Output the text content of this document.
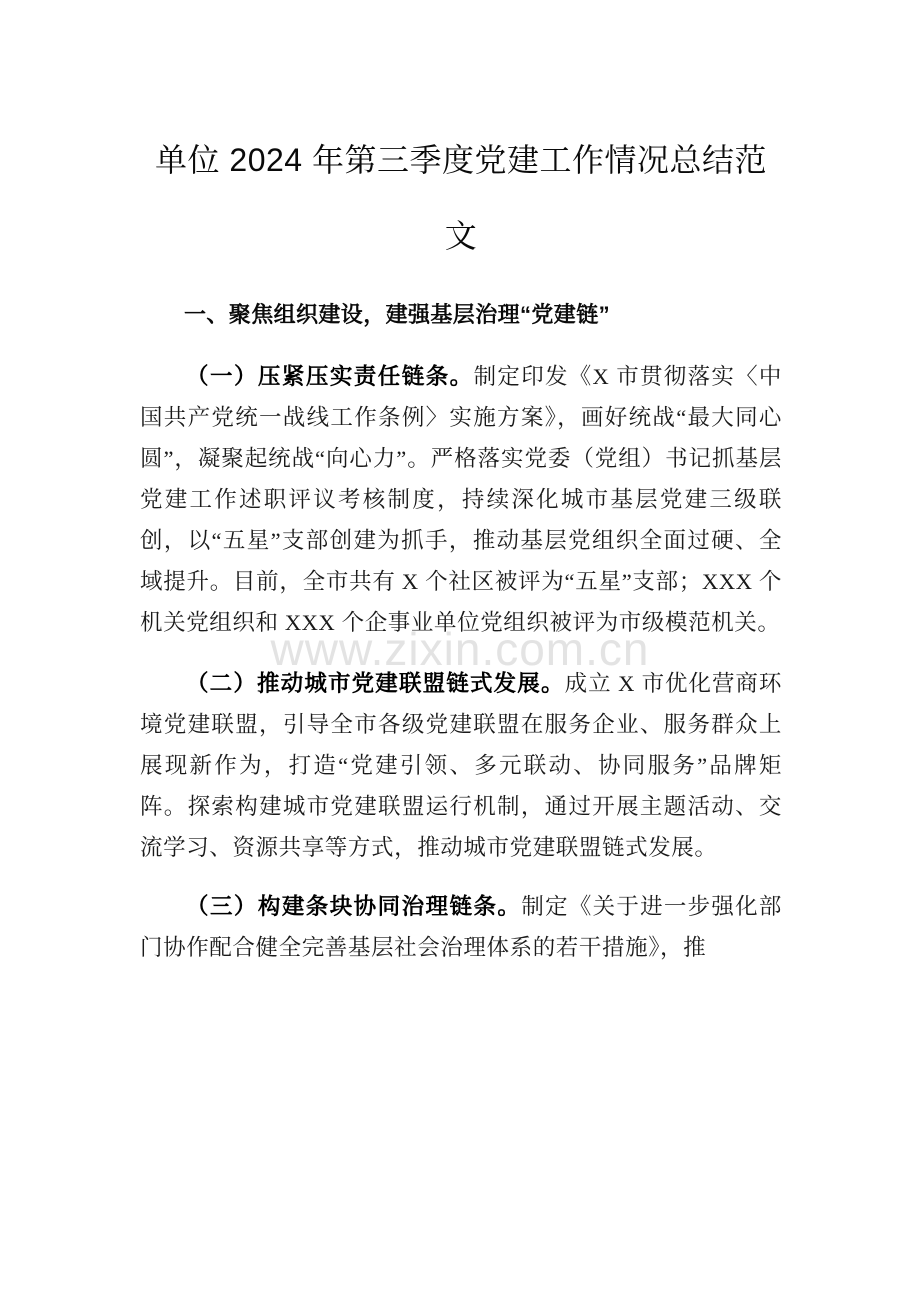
www.zixin.com.cn
单位 2024 年第三季度党建工作情况总结范文
一、聚焦组织建设，建强基层治理“党建链”

（一）压紧压实责任链条。制定印发《X 市贯彻落实〈中国共产党统一战线工作条例〉实施方案》，画好统战“最大同心圆”，凝聚起统战“向心力”。严格落实党委（党组）书记抓基层党建工作述职评议考核制度，持续深化城市基层党建三级联创，以“五星”支部创建为抓手，推动基层党组织全面过硬、全域提升。目前，全市共有 X 个社区被评为“五星”支部；XXX 个机关党组织和 XXX 个企事业单位党组织被评为市级模范机关。

（二）推动城市党建联盟链式发展。成立 X 市优化营商环境党建联盟，引导全市各级党建联盟在服务企业、服务群众上展现新作为，打造“党建引领、多元联动、协同服务”品牌矩阵。探索构建城市党建联盟运行机制，通过开展主题活动、交流学习、资源共享等方式，推动城市党建联盟链式发展。

（三）构建条块协同治理链条。制定《关于进一步强化部门协作配合健全完善基层社会治理体系的若干措施》，推
